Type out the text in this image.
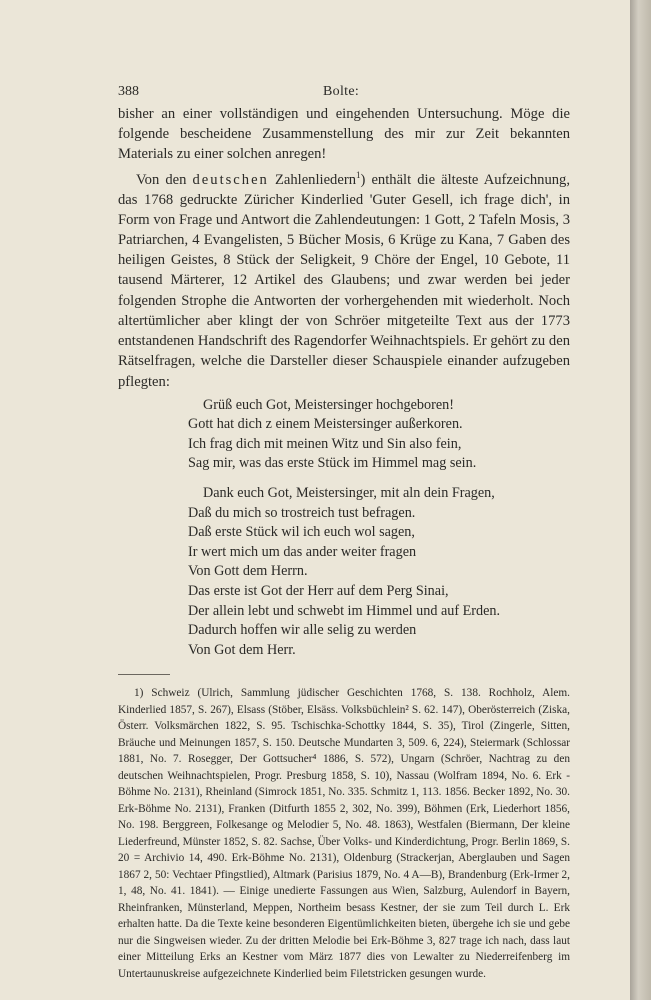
388	Bolte:

bisher an einer vollständigen und eingehenden Untersuchung. Möge die folgende bescheidene Zusammenstellung des mir zur Zeit bekannten Materials zu einer solchen anregen!

Von den deutschen Zahlenliedern$^1$) enthält die älteste Aufzeichnung, das 1768 gedruckte Züricher Kinderlied 'Guter Gesell, ich frage dich', in Form von Frage und Antwort die Zahlendeutungen: 1 Gott, 2 Tafeln Mosis, 3 Patriarchen, 4 Evangelisten, 5 Bücher Mosis, 6 Krüge zu Kana, 7 Gaben des heiligen Geistes, 8 Stück der Seligkeit, 9 Chöre der Engel, 10 Gebote, 11 tausend Märterer, 12 Artikel des Glaubens; und zwar werden bei jeder folgenden Strophe die Antworten der vorhergehenden mit wiederholt. Noch altertümlicher aber klingt der von Schröer mitgeteilte Text aus der 1773 entstandenen Handschrift des Ragendorfer Weihnachtspiels. Er gehört zu den Rätselfragen, welche die Darsteller dieser Schauspiele einander aufzugeben pflegten:

Grüß euch Got, Meistersinger hochgeboren!
Gott hat dich z einem Meistersinger außerkoren.
Ich frag dich mit meinen Witz und Sin also fein,
Sag mir, was das erste Stück im Himmel mag sein.
Dank euch Got, Meistersinger, mit aln dein Fragen,
Daß du mich so trostreich tust befragen.
Daß erste Stück wil ich euch wol sagen,
Ir wert mich um das ander weiter fragen
Von Gott dem Herrn.
Das erste ist Got der Herr auf dem Perg Sinai,
Der allein lebt und schwebt im Himmel und auf Erden.
Dadurch hoffen wir alle selig zu werden
Von Got dem Herr.
1) Schweiz (Ulrich, Sammlung jüdischer Geschichten 1768, S. 138. Rochholz, Alem. Kinderlied 1857, S. 267), Elsass (Stöber, Elsäss. Volksbüchlein² S. 62. 147), Oberösterreich (Ziska, Österr. Volksmärchen 1822, S. 95. Tschischka-Schottky 1844, S. 35), Tirol (Zingerle, Sitten, Bräuche und Meinungen 1857, S. 150. Deutsche Mundarten 3, 509. 6, 224), Steiermark (Schlossar 1881, No. 7. Rosegger, Der Gottsucher⁴ 1886, S. 572), Ungarn (Schröer, Nachtrag zu den deutschen Weihnachtspielen, Progr. Presburg 1858, S. 10), Nassau (Wolfram 1894, No. 6. Erk - Böhme No. 2131), Rheinland (Simrock 1851, No. 335. Schmitz 1, 113. 1856. Becker 1892, No. 30. Erk-Böhme No. 2131), Franken (Ditfurth 1855 2, 302, No. 399), Böhmen (Erk, Liederhort 1856, No. 198. Berggreen, Folkesange og Melodier 5, No. 48. 1863), Westfalen (Biermann, Der kleine Liederfreund, Münster 1852, S. 82. Sachse, Über Volks- und Kinderdichtung, Progr. Berlin 1869, S. 20 = Archivio 14, 490. Erk-Böhme No. 2131), Oldenburg (Strackerjan, Aberglauben und Sagen 1867 2, 50: Vechtaer Pfingstlied), Altmark (Parisius 1879, No. 4 A—B), Brandenburg (Erk-Irmer 2, 1, 48, No. 41. 1841). — Einige unedierte Fassungen aus Wien, Salzburg, Aulendorf in Bayern, Rheinfranken, Münsterland, Meppen, Northeim besass Kestner, der sie zum Teil durch L. Erk erhalten hatte. Da die Texte keine besonderen Eigentümlichkeiten bieten, übergehe ich sie und gebe nur die Singweisen wieder. Zu der dritten Melodie bei Erk-Böhme 3, 827 trage ich nach, dass laut einer Mitteilung Erks an Kestner vom März 1877 dies von Lewalter zu Niederreifenberg im Untertaunuskreise aufgezeichnete Kinderlied beim Filetstricken gesungen wurde.
